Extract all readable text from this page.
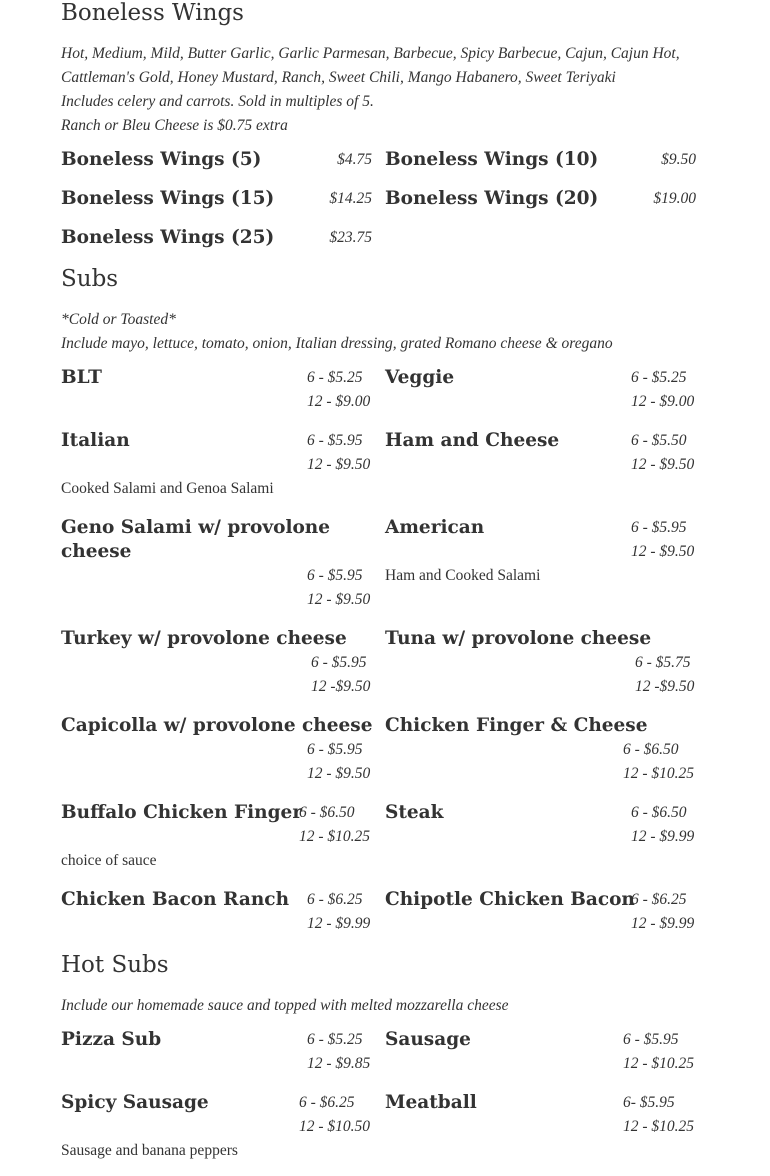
Boneless Wings
Hot, Medium, Mild, Butter Garlic, Garlic Parmesan, Barbecue, Spicy Barbecue, Cajun, Cajun Hot,
Cattleman's Gold, Honey Mustard, Ranch, Sweet Chili, Mango Habanero, Sweet Teriyaki
Includes celery and carrots. Sold in multiples of 5.
Ranch or Bleu Cheese is $0.75 extra
Boneless Wings (5)	$4.75 Boneless Wings (10)	$9.50
Boneless Wings (15)	$14.25 Boneless Wings (20)	$19.00
Boneless Wings (25)	$23.75
Subs
*Cold or Toasted*
Include mayo, lettuce, tomato, onion, Italian dressing, grated Romano cheese & oregano
BLT	6 - $5.25
12 - $9.00
Veggie	6 - $5.25
12 - $9.00
Italian	6 - $5.95
12 - $9.50
Cooked Salami and Genoa Salami
Ham and Cheese	6 - $5.50
12 - $9.50
Geno Salami w/ provolone cheese
6 - $5.95
12 - $9.50
American	6 - $5.95
12 - $9.50
Ham and Cooked Salami
Turkey w/ provolone cheese
6 - $5.95
12 -$9.50
Tuna w/ provolone cheese
6 - $5.75
12 -$9.50
Capicolla w/ provolone cheese
6 - $5.95
12 - $9.50
Chicken Finger & Cheese
6 - $6.50
12 - $10.25
Buffalo Chicken Finger
6 - $6.50
12 - $10.25
choice of sauce
Steak	6 - $6.50
12 - $9.99
Chicken Bacon Ranch 6 - $6.25
12 - $9.99
Chipotle Chicken Bacon
6 - $6.25
12 - $9.99
Hot Subs
Include our homemade sauce and topped with melted mozzarella cheese
Pizza Sub	6 - $5.25
12 - $9.85
Sausage	6 - $5.95
12 - $10.25
Spicy Sausage	6 - $6.25
12 - $10.50
Sausage and banana peppers
Meatball	6- $5.95
12 - $10.25
